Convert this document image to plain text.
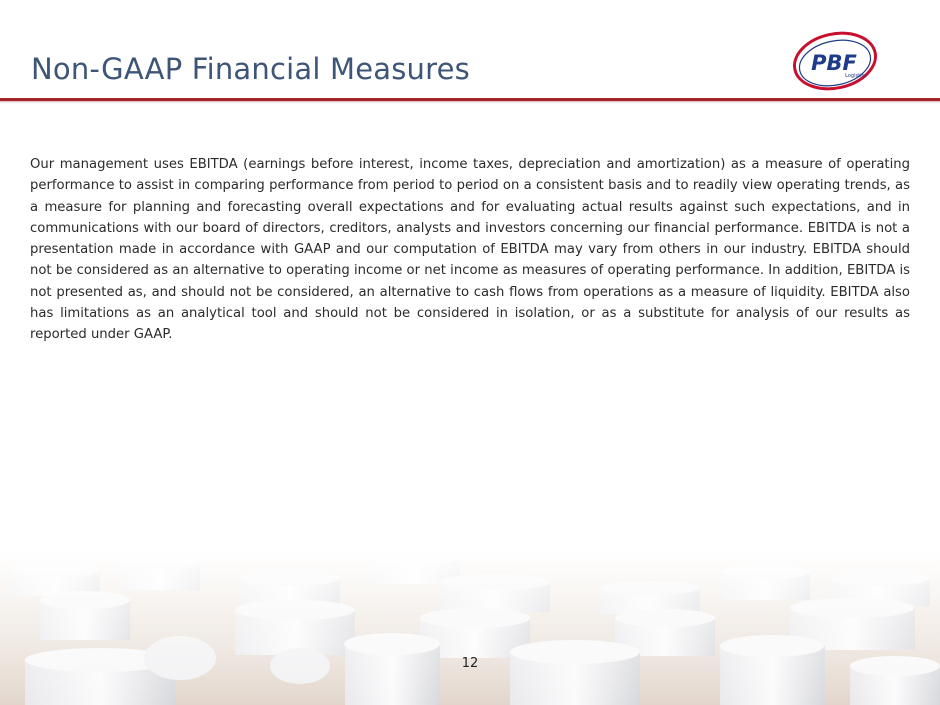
Non-GAAP Financial Measures	PBF
Logistics

Our management uses EBITDA (earnings before interest, income taxes, depreciation and amortization) as a measure of operating performance to assist in comparing performance from period to period on a consistent basis and to readily view operating trends, as a measure for planning and forecasting overall expectations and for evaluating actual results against such expectations, and in communications with our board of directors, creditors, analysts and investors concerning our financial performance. EBITDA is not a presentation made in accordance with GAAP and our computation of EBITDA may vary from others in our industry. EBITDA should not be considered as an alternative to operating income or net income as measures of operating performance. In addition, EBITDA is not presented as, and should not be considered, an alternative to cash flows from operations as a measure of liquidity. EBITDA also has limitations as an analytical tool and should not be considered in isolation, or as a substitute for analysis of our results as reported under GAAP.

12
